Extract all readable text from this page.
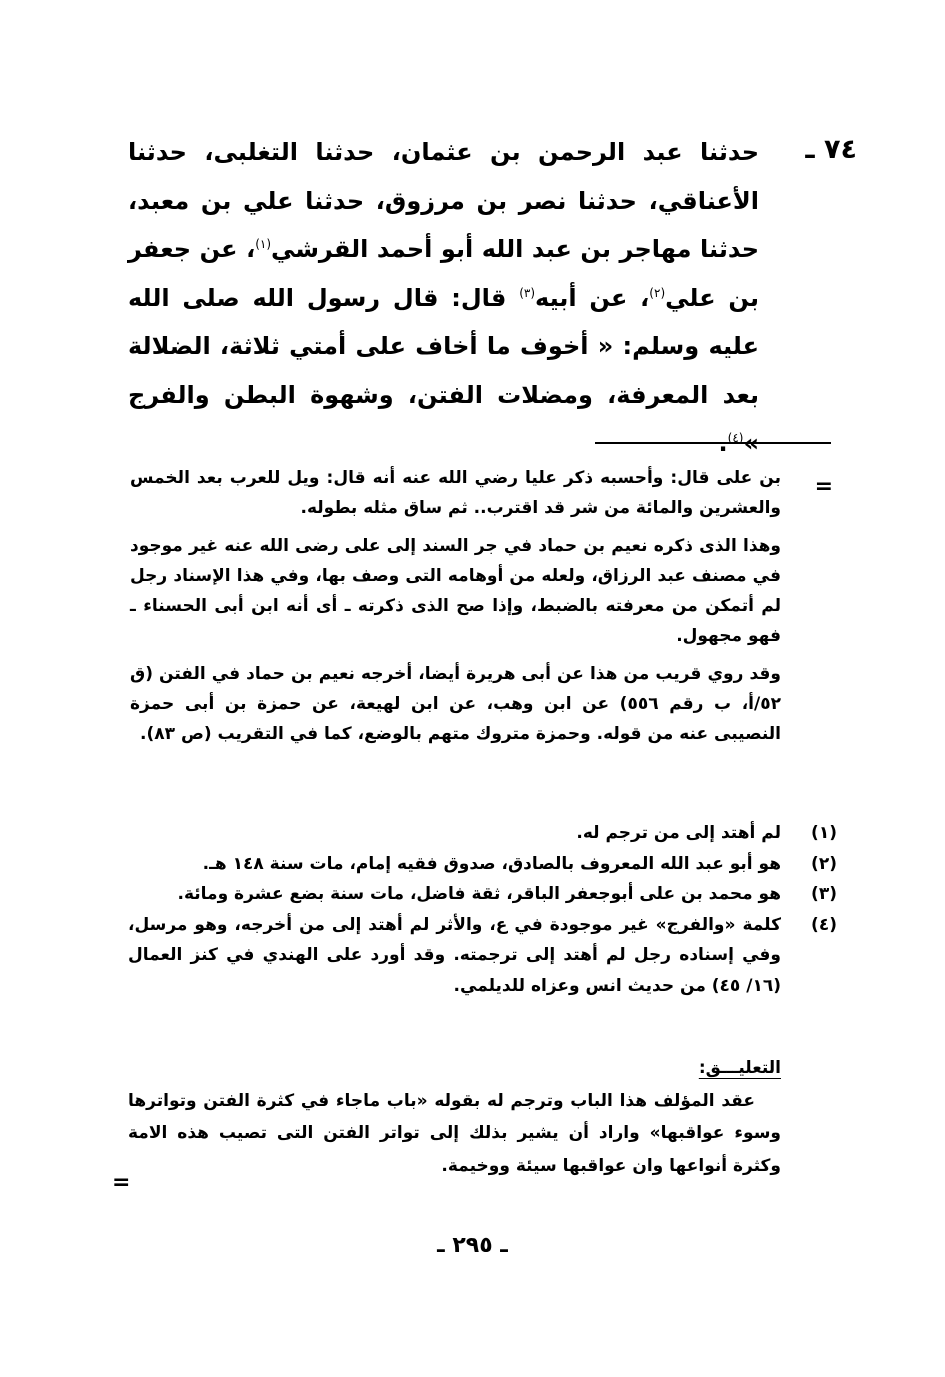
٧٤ ـ
حدثنا عبد الرحمن بن عثمان، حدثنا التغلبى، حدثنا الأعناقي، حدثنا نصر بن مرزوق، حدثنا علي بن معبد، حدثنا مهاجر بن عبد الله أبو أحمد القرشي$^{(١)}$، عن جعفر بن علي$^{(٢)}$، عن أبيه$^{(٣)}$ قال: قال رسول الله صلى الله عليه وسلم: « أخوف ما أخاف على أمتي ثلاثة، الضلالة بعد المعرفة، ومضلات الفتن، وشهوة البطن والفرج »$^{(٤)}$.
=

بن على قال: وأحسبه ذكر عليا رضي الله عنه أنه قال: ويل للعرب بعد الخمس والعشرين والمائة من شر قد اقترب.. ثم ساق مثله بطوله.

وهذا الذى ذكره نعيم بن حماد في جر السند إلى على رضى الله عنه غير موجود في مصنف عبد الرزاق، ولعله من أوهامه التى وصف بها، وفي هذا الإسناد رجل لم أتمكن من معرفته بالضبط، وإذا صح الذى ذكرته ـ أى أنه ابن أبى الحسناء ـ فهو مجهول.

وقد روي قريب من هذا عن أبى هريرة أيضا، أخرجه نعيم بن حماد في الفتن (ق ٥٢/أ، ب رقم ٥٥٦) عن ابن وهب، عن ابن لهيعة، عن حمزة بن أبى حمزة النصيبى عنه من قوله. وحمزة متروك متهم بالوضع، كما في التقريب (ص ٨٣).

(١)
لم أهتد إلى من ترجم له.
(٢)
هو أبو عبد الله المعروف بالصادق، صدوق فقيه إمام، مات سنة ١٤٨ هـ.
(٣)
هو محمد بن على أبوجعفر الباقر، ثقة فاضل، مات سنة بضع عشرة ومائة.
(٤)
كلمة «والفرج» غير موجودة في ع، والأثر لم أهتد إلى من أخرجه، وهو مرسل، وفي إسناده رجل لم أهتد إلى ترجمته. وقد أورد على الهندي في كنز العمال (١٦/ ٤٥) من حديث انس وعزاه للديلمي.
التعليـــق:
عقد المؤلف هذا الباب وترجم له بقوله «باب ماجاء في كثرة الفتن وتواترها وسوء عواقبها» واراد أن يشير بذلك إلى تواتر الفتن التى تصيب هذه الامة وكثرة أنواعها وان عواقبها سيئة ووخيمة.
=
ـ ٢٩٥ ـ
